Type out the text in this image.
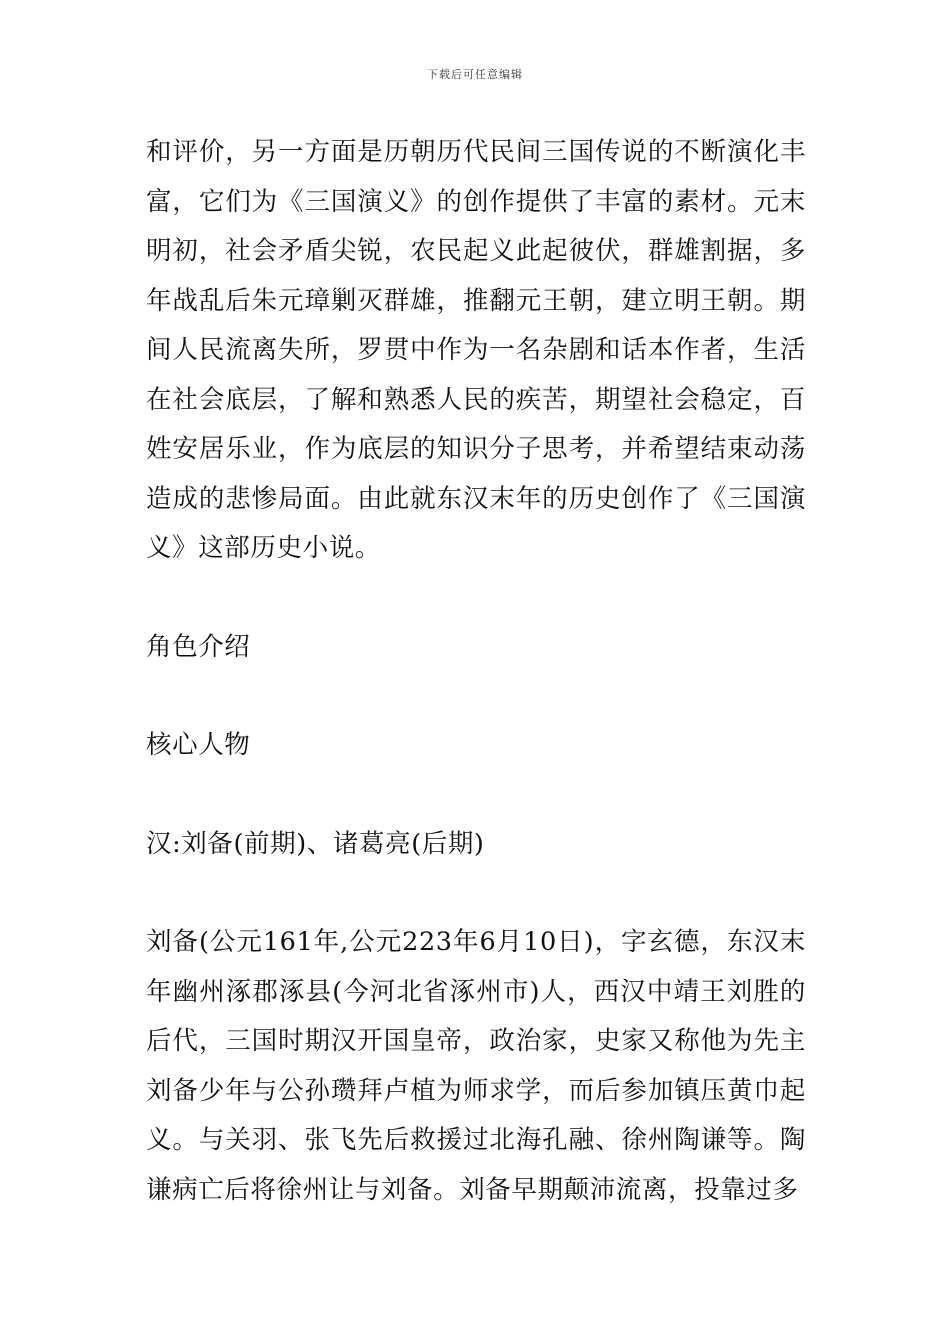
下载后可任意编辑

和评价，另一方面是历朝历代民间三国传说的不断演化丰富，它们为《三国演义》的创作提供了丰富的素材。元末明初，社会矛盾尖锐，农民起义此起彼伏，群雄割据，多年战乱后朱元璋剿灭群雄，推翻元王朝，建立明王朝。期间人民流离失所，罗贯中作为一名杂剧和话本作者，生活在社会底层，了解和熟悉人民的疾苦，期望社会稳定，百姓安居乐业，作为底层的知识分子思考，并希望结束动荡造成的悲惨局面。由此就东汉末年的历史创作了《三国演义》这部历史小说。

角色介绍

核心人物

汉:刘备(前期)、诸葛亮(后期)

刘备(公元161年,公元223年6月10日)，字玄德，东汉末年幽州涿郡涿县(今河北省涿州市)人，西汉中靖王刘胜的后代，三国时期汉开国皇帝，政治家，史家又称他为先主刘备少年与公孙瓒拜卢植为师求学，而后参加镇压黄巾起义。与关羽、张飞先后救援过北海孔融、徐州陶谦等。陶谦病亡后将徐州让与刘备。刘备早期颠沛流离，投靠过多
